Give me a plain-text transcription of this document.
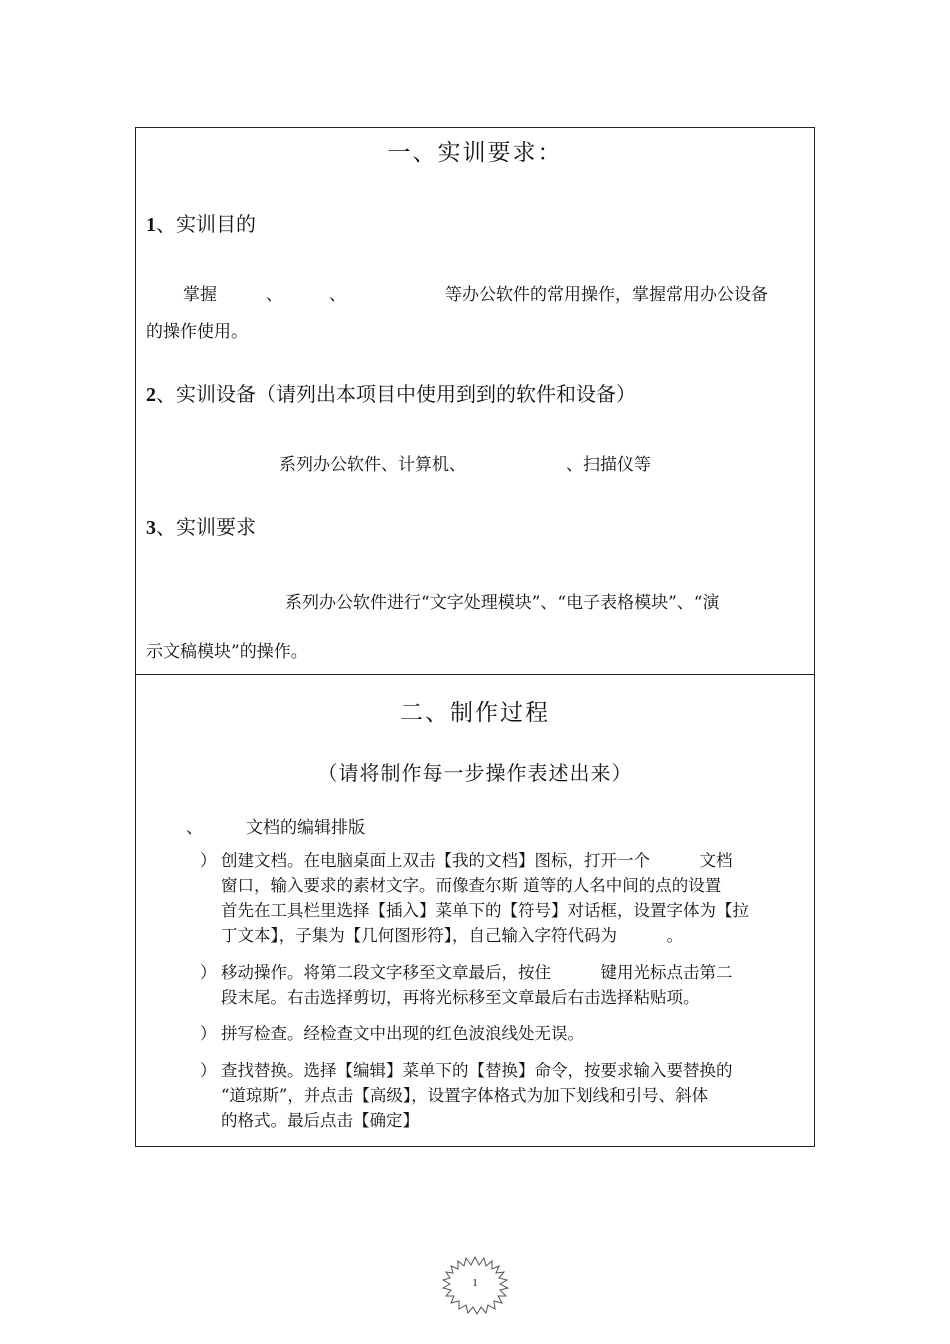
一、实训要求：
1、实训目的
掌握	、	、	等办公软件的常用操作，掌握常用办公设备
的操作使用。
2、实训设备（请列出本项目中使用到到的软件和设备）
系列办公软件、计算机、	、扫描仪等
3、实训要求
系列办公软件进行“文字处理模块”、“电子表格模块”、“演
示文稿模块”的操作。
二、制作过程
（请将制作每一步操作表述出来）
、	文档的编辑排版
） 创建文档。在电脑桌面上双击【我的文档】图标，打开一个　　　文档
窗口，输入要求的素材文字。而像查尔斯 道等的人名中间的点的设置
首先在工具栏里选择【插入】菜单下的【符号】对话框，设置字体为【拉
丁文本】，子集为【几何图形符】，自己输入字符代码为　　　。
） 移动操作。将第二段文字移至文章最后，按住　　　键用光标点击第二
段末尾。右击选择剪切，再将光标移至文章最后右击选择粘贴项。
） 拼写检查。经检查文中出现的红色波浪线处无误。
） 查找替换。选择【编辑】菜单下的【替换】命令，按要求输入要替换的
“道琼斯”，并点击【高级】，设置字体格式为加下划线和引号、斜体
的格式。最后点击【确定】
1
